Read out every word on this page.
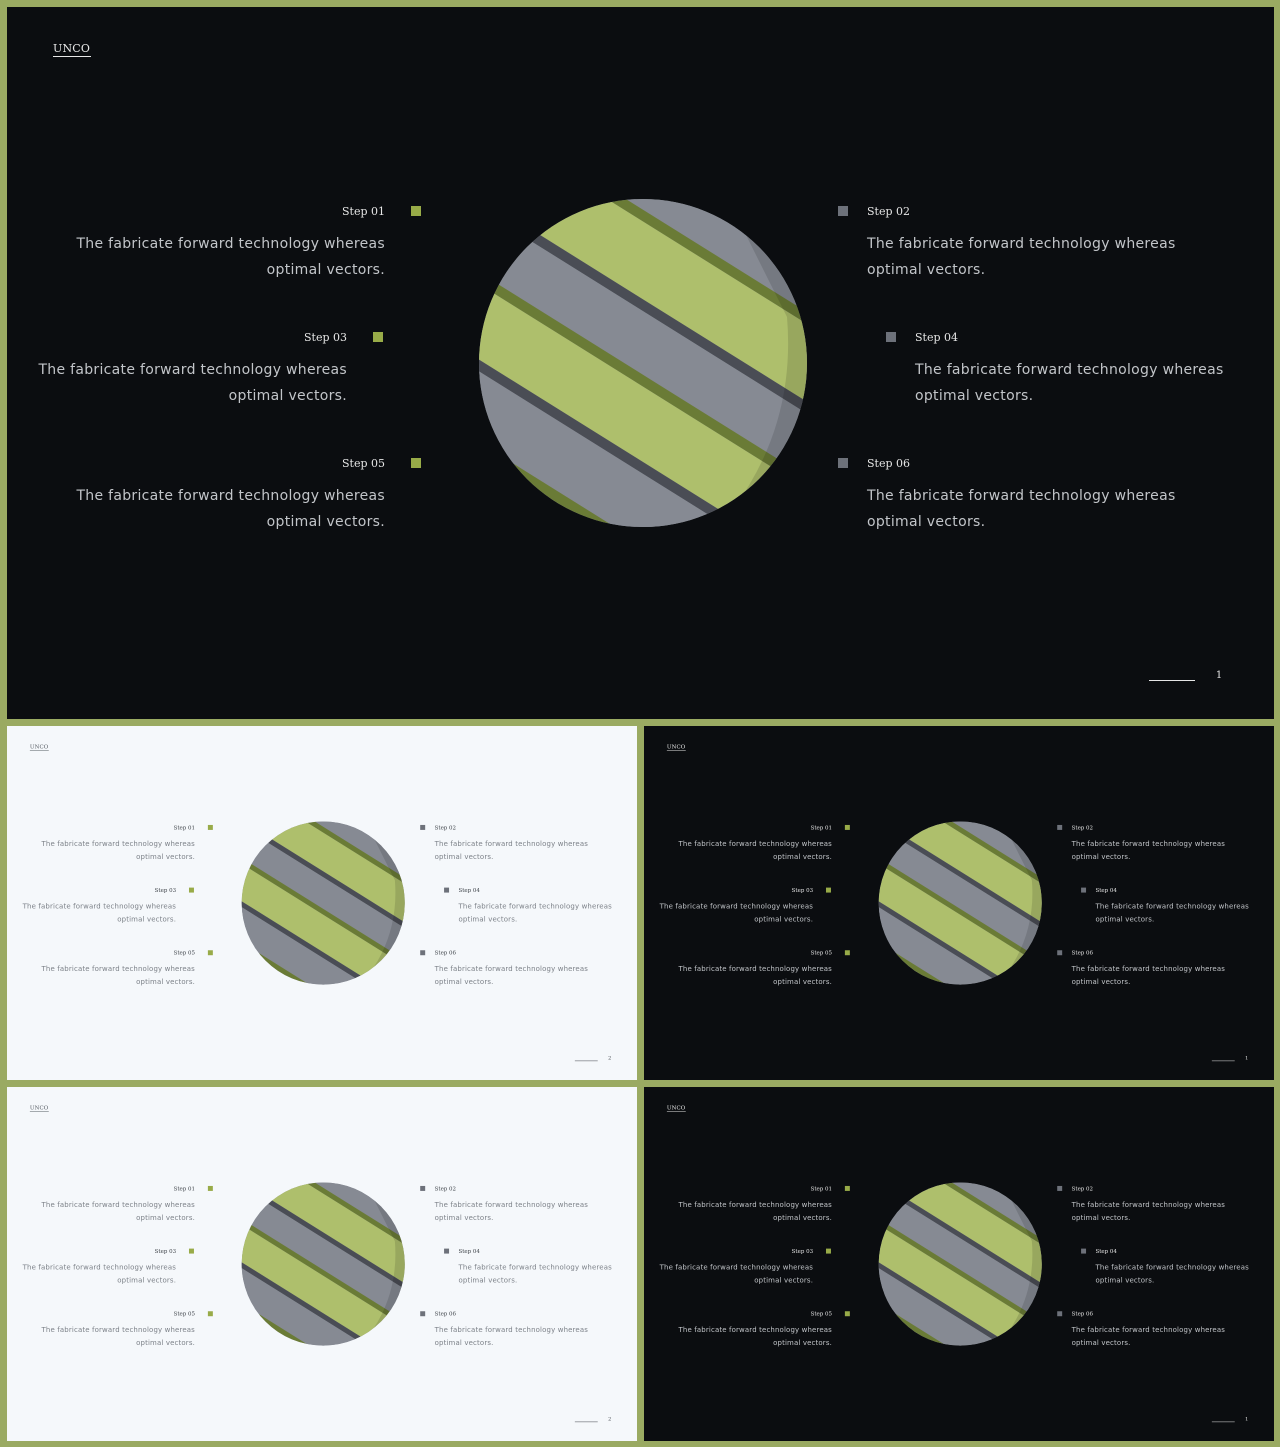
UNCO
Step 01
The fabricate forward technology whereas optimal vectors.
Step 02
The fabricate forward technology whereas optimal vectors.
Step 03
The fabricate forward technology whereas optimal vectors.
Step 04
The fabricate forward technology whereas optimal vectors.
Step 05
The fabricate forward technology whereas optimal vectors.
Step 06
The fabricate forward technology whereas optimal vectors.
1
UNCO
Step 01
The fabricate forward technology whereas optimal vectors.
Step 02
The fabricate forward technology whereas optimal vectors.
Step 03
The fabricate forward technology whereas optimal vectors.
Step 04
The fabricate forward technology whereas optimal vectors.
Step 05
The fabricate forward technology whereas optimal vectors.
Step 06
The fabricate forward technology whereas optimal vectors.
2
UNCO
Step 01
The fabricate forward technology whereas optimal vectors.
Step 02
The fabricate forward technology whereas optimal vectors.
Step 03
The fabricate forward technology whereas optimal vectors.
Step 04
The fabricate forward technology whereas optimal vectors.
Step 05
The fabricate forward technology whereas optimal vectors.
Step 06
The fabricate forward technology whereas optimal vectors.
1
UNCO
Step 01
The fabricate forward technology whereas optimal vectors.
Step 02
The fabricate forward technology whereas optimal vectors.
Step 03
The fabricate forward technology whereas optimal vectors.
Step 04
The fabricate forward technology whereas optimal vectors.
Step 05
The fabricate forward technology whereas optimal vectors.
Step 06
The fabricate forward technology whereas optimal vectors.
2
UNCO
Step 01
The fabricate forward technology whereas optimal vectors.
Step 02
The fabricate forward technology whereas optimal vectors.
Step 03
The fabricate forward technology whereas optimal vectors.
Step 04
The fabricate forward technology whereas optimal vectors.
Step 05
The fabricate forward technology whereas optimal vectors.
Step 06
The fabricate forward technology whereas optimal vectors.
1
